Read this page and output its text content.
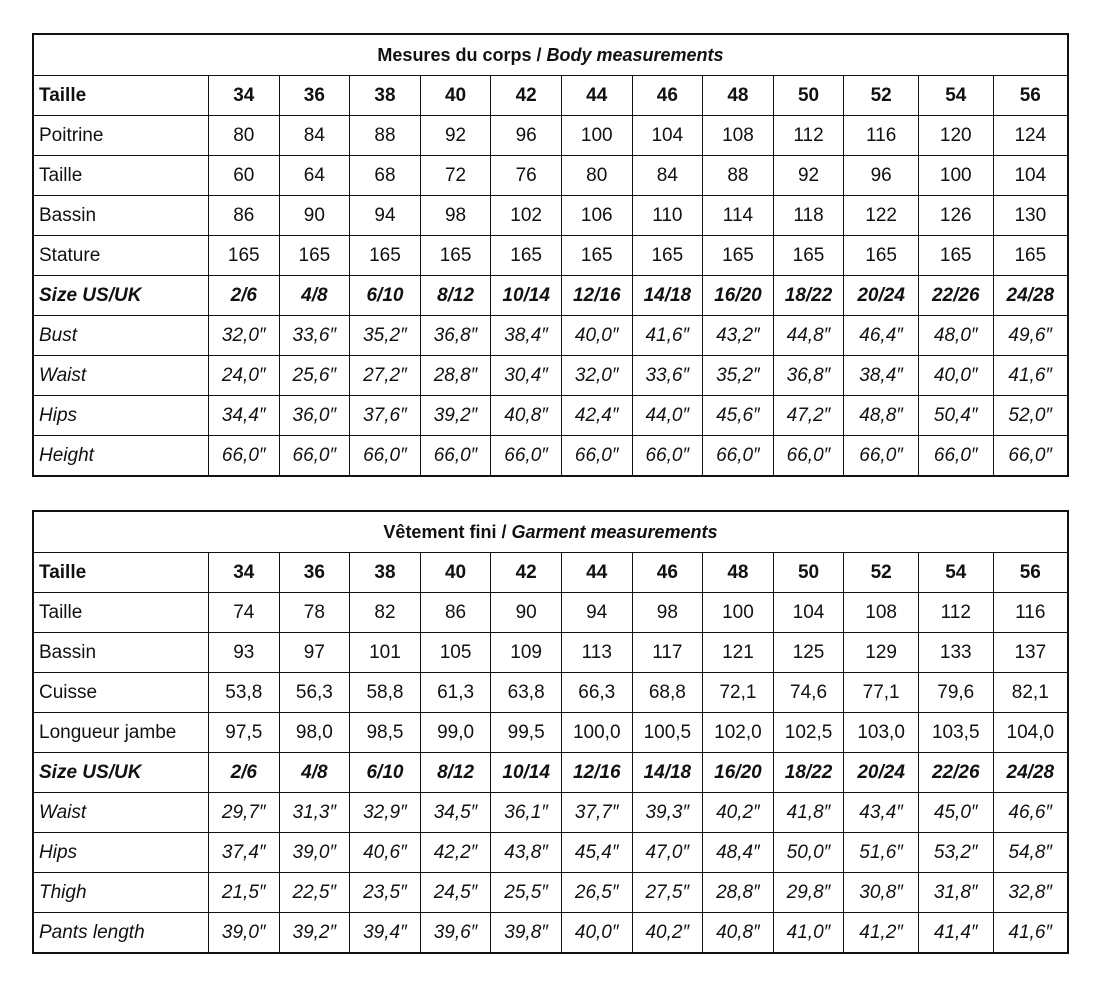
Mesures du corps / Body measurements												
Taille	34	36	38	40	42	44	46	48	50	52	54	56
Poitrine	80	84	88	92	96	100	104	108	112	116	120	124
Taille	60	64	68	72	76	80	84	88	92	96	100	104
Bassin	86	90	94	98	102	106	110	114	118	122	126	130
Stature	165	165	165	165	165	165	165	165	165	165	165	165
Size US/UK	2/6	4/8	6/10	8/12	10/14	12/16	14/18	16/20	18/22	20/24	22/26	24/28
Bust	32,0″	33,6″	35,2″	36,8″	38,4″	40,0″	41,6″	43,2″	44,8″	46,4″	48,0″	49,6″
Waist	24,0″	25,6″	27,2″	28,8″	30,4″	32,0″	33,6″	35,2″	36,8″	38,4″	40,0″	41,6″
Hips	34,4″	36,0″	37,6″	39,2″	40,8″	42,4″	44,0″	45,6″	47,2″	48,8″	50,4″	52,0″
Height	66,0″	66,0″	66,0″	66,0″	66,0″	66,0″	66,0″	66,0″	66,0″	66,0″	66,0″	66,0″
Vêtement fini / Garment measurements												
Taille	34	36	38	40	42	44	46	48	50	52	54	56
Taille	74	78	82	86	90	94	98	100	104	108	112	116
Bassin	93	97	101	105	109	113	117	121	125	129	133	137
Cuisse	53,8	56,3	58,8	61,3	63,8	66,3	68,8	72,1	74,6	77,1	79,6	82,1
Longueur jambe	97,5	98,0	98,5	99,0	99,5	100,0	100,5	102,0	102,5	103,0	103,5	104,0
Size US/UK	2/6	4/8	6/10	8/12	10/14	12/16	14/18	16/20	18/22	20/24	22/26	24/28
Waist	29,7″	31,3″	32,9″	34,5″	36,1″	37,7″	39,3″	40,2″	41,8″	43,4″	45,0″	46,6″
Hips	37,4″	39,0″	40,6″	42,2″	43,8″	45,4″	47,0″	48,4″	50,0″	51,6″	53,2″	54,8″
Thigh	21,5″	22,5″	23,5″	24,5″	25,5″	26,5″	27,5″	28,8″	29,8″	30,8″	31,8″	32,8″
Pants length	39,0″	39,2″	39,4″	39,6″	39,8″	40,0″	40,2″	40,8″	41,0″	41,2″	41,4″	41,6″
